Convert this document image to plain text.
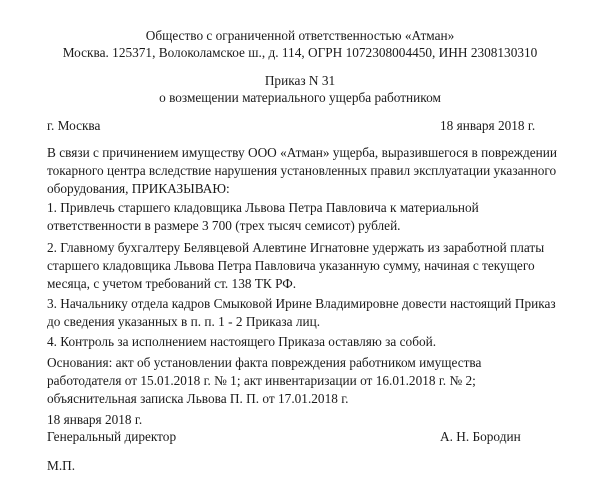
Общество с ограниченной ответственностью «Атман»
Москва. 125371, Волоколамское ш., д. 114, ОГРН 1072308004450, ИНН 2308130310
Приказ N 31
о возмещении материального ущерба работником
г. Москва	18 января 2018 г.
В связи с причинением имуществу ООО «Атман» ущерба, выразившегося в повреждении
токарного центра вследствие нарушения установленных правил эксплуатации указанного
оборудования, ПРИКАЗЫВАЮ:
1. Привлечь старшего кладовщика Львова Петра Павловича к материальной
ответственности в размере 3 700 (трех тысяч семисот) рублей.
2. Главному бухгалтеру Белявцевой Алевтине Игнатовне удержать из заработной платы
старшего кладовщика Львова Петра Павловича указанную сумму, начиная с текущего
месяца, с учетом требований ст. 138 ТК РФ.
3. Начальнику отдела кадров Смыковой Ирине Владимировне довести настоящий Приказ
до сведения указанных в п. п. 1 - 2 Приказа лиц.
4. Контроль за исполнением настоящего Приказа оставляю за собой.
Основания: акт об установлении факта повреждения работником имущества
работодателя от 15.01.2018 г. № 1; акт инвентаризации от 16.01.2018 г. № 2;
объяснительная записка Львова П. П. от 17.01.2018 г.
18 января 2018 г.
Генеральный директор	А. Н. Бородин
М.П.
